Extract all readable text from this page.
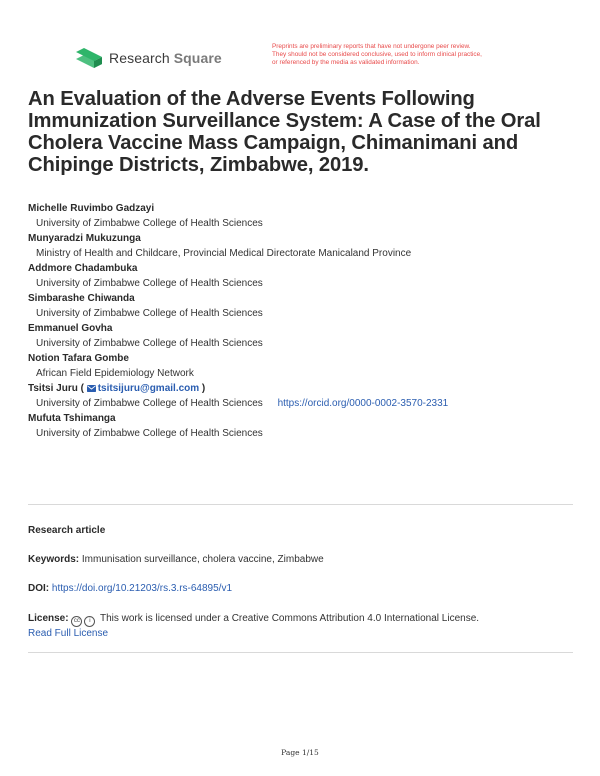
Research Square
Preprints are preliminary reports that have not undergone peer review.
They should not be considered conclusive, used to inform clinical practice,
or referenced by the media as validated information.
An Evaluation of the Adverse Events Following Immunization Surveillance System: A Case of the Oral Cholera Vaccine Mass Campaign, Chimanimani and Chipinge Districts, Zimbabwe, 2019.
Michelle Ruvimbo Gadzayi
University of Zimbabwe College of Health Sciences
Munyaradzi Mukuzunga
Ministry of Health and Childcare, Provincial Medical Directorate Manicaland Province
Addmore Chadambuka
University of Zimbabwe College of Health Sciences
Simbarashe Chiwanda
University of Zimbabwe College of Health Sciences
Emmanuel Govha
University of Zimbabwe College of Health Sciences
Notion Tafara Gombe
African Field Epidemiology Network
Tsitsi Juru ( tsitsijuru@gmail.com )
University of Zimbabwe College of Health Sciences https://orcid.org/0000-0002-3570-2331
Mufuta Tshimanga
University of Zimbabwe College of Health Sciences
Research article
Keywords: Immunisation surveillance, cholera vaccine, Zimbabwe
DOI: https://doi.org/10.21203/rs.3.rs-64895/v1
License: cc i This work is licensed under a Creative Commons Attribution 4.0 International License.
Read Full License
Page 1/15
